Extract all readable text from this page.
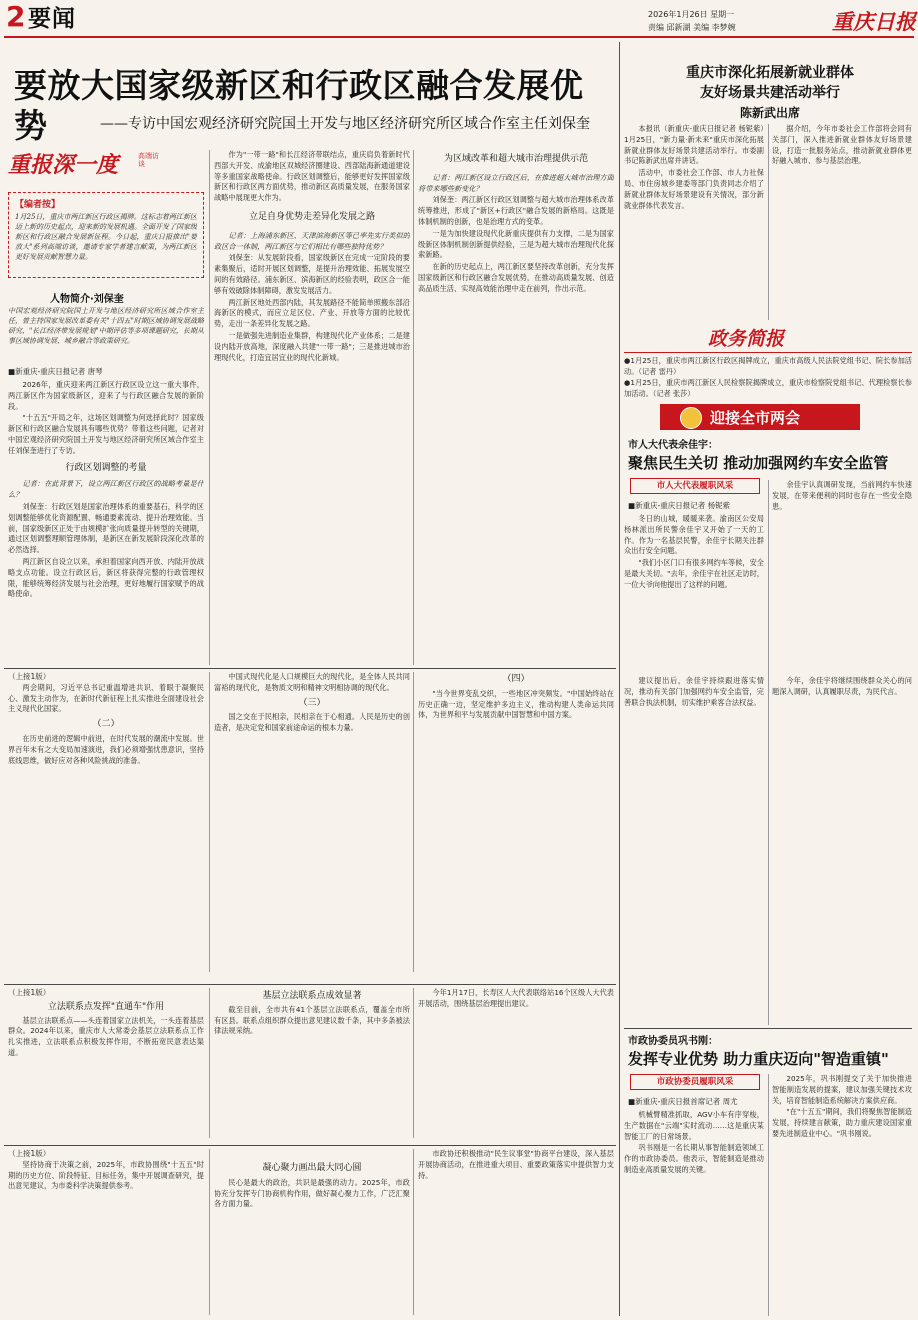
2 要闻	2026年1月26日 星期一
责编 邱新湖 美编 李梦婉	重庆日报
要放大国家级新区和行政区融合发展优势	——专访中国宏观经济研究院国土开发与地区经济研究所区域合作室主任刘保奎
重报深一度	高端访谈
【编者按】
1月25日，重庆市两江新区行政区揭牌。这标志着两江新区迈上新的历史起点，迎来新的发展机遇。全面开发了国家级新区和行政区融合发展新征程。今日起，重庆日报推出"要放大"系列高端访谈，邀请专家学者建言献策，为两江新区更好发展贡献智慧力量。
人物简介·刘保奎
中国宏观经济研究院国土开发与地区经济研究所区域合作室主任，曾主持国家发展改革委有关"十四五"时期区域协调发展战略研究、"长江经济带发展规划"中期评估等多项课题研究，长期从事区域协调发展、城乡融合等政策研究。
■新重庆-重庆日报记者 唐琴

2026年，重庆迎来两江新区行政区设立这一重大事件，两江新区作为国家级新区，迎来了与行政区融合发展的新阶段。

"十五五"开局之年，这场区划调整为何选择此时？国家级新区和行政区融合发展具有哪些优势？带着这些问题，记者对中国宏观经济研究院国土开发与地区经济研究所区域合作室主任刘保奎进行了专访。

行政区划调整的考量

记者：在此背景下，设立两江新区行政区的战略考量是什么？

刘保奎：行政区划是国家治理体系的重要基石，科学的区划调整能够优化资源配置、畅通要素流动、提升治理效能。当前，国家级新区正处于由规模扩张向质量提升转型的关键期，通过区划调整理顺管理体制，是新区在新发展阶段深化改革的必然选择。

两江新区自设立以来，承担着国家向西开放、内陆开放战略支点功能。设立行政区后，新区将获得完整的行政管理权限，能够统筹经济发展与社会治理，更好地履行国家赋予的战略使命。

作为"一带一路"和长江经济带联结点，重庆肩负着新时代西部大开发、成渝地区双城经济圈建设、西部陆海新通道建设等多重国家战略使命。行政区划调整后，能够更好发挥国家级新区和行政区两方面优势，推动新区高质量发展，在服务国家战略中展现更大作为。

立足自身优势走差异化发展之路

记者：上海浦东新区、天津滨海新区等已率先实行类似的政区合一体制，两江新区与它们相比有哪些独特优势？

刘保奎：从发展阶段看，国家级新区在完成一定阶段的要素集聚后，适时开展区划调整，是提升治理效能、拓展发展空间的有效路径。浦东新区、滨海新区的经验表明，政区合一能够有效破除体制障碍，激发发展活力。

两江新区地处西部内陆，其发展路径不能简单照搬东部沿海新区的模式，而应立足区位、产业、开放等方面的比较优势，走出一条差异化发展之路。

一是做强先进制造业集群，构建现代化产业体系；二是建设内陆开放高地，深度融入共建"一带一路"；三是推进城市治理现代化，打造宜居宜业的现代化新城。

为区域改革和超大城市治理提供示范

记者：两江新区设立行政区后，在推进超大城市治理方面将带来哪些新变化？

刘保奎：两江新区行政区划调整与超大城市治理体系改革统筹推进，形成了"新区+行政区"融合发展的新格局。这既是体制机制的创新，也是治理方式的变革。

一是为加快建设现代化新重庆提供有力支撑，二是为国家级新区体制机制创新提供经验，三是为超大城市治理现代化探索新路。

在新的历史起点上，两江新区要坚持改革创新，充分发挥国家级新区和行政区融合发展优势，在推动高质量发展、创造高品质生活、实现高效能治理中走在前列，作出示范。

（上接1版）

两会期间，习近平总书记重温增进共识、着眼于凝聚民心、激发主动作为，在新时代新征程上扎实推进全面建设社会主义现代化国家。

（二）

在历史前进的逻辑中前进，在时代发展的潮流中发展。世界百年未有之大变局加速演进，我们必须增强忧患意识，坚持底线思维，做好应对各种风险挑战的准备。

中国式现代化是人口规模巨大的现代化，是全体人民共同富裕的现代化，是物质文明和精神文明相协调的现代化。

（三）

国之交在于民相亲，民相亲在于心相通。人民是历史的创造者，是决定党和国家前途命运的根本力量。

（四）

"当今世界变乱交织，一些地区冲突频发。"中国始终站在历史正确一边，坚定维护多边主义，推动构建人类命运共同体，为世界和平与发展贡献中国智慧和中国方案。

（上接1版）
立法联系点发挥"直通车"作用

基层立法联系点——头连着国家立法机关，一头连着基层群众。2024年以来，重庆市人大常委会基层立法联系点工作扎实推进，立法联系点积极发挥作用，不断拓宽民意表达渠道。

基层立法联系点成效显著

截至目前，全市共有41个基层立法联系点，覆盖全市所有区县。联系点组织群众提出意见建议数千条，其中多条被法律法规采纳。

今年1月17日，长寿区人大代表联络站16个区级人大代表开展活动，围绕基层治理提出建议。

（上接1版）

坚持协商于决策之前，2025年，市政协围绕"十五五"时期的历史方位、阶段特征、目标任务，集中开展调查研究，提出意见建议，为市委科学决策提供参考。

凝心聚力画出最大同心圆

民心是最大的政治，共识是最强的动力。2025年，市政协充分发挥专门协商机构作用，做好凝心聚力工作，广泛汇聚各方面力量。

市政协还积极推动"民生议事堂"协商平台建设，深入基层开展协商活动，在推进重大项目、重要政策落实中提供智力支持。

重庆市深化拓展新就业群体
友好场景共建活动举行
陈新武出席

本报讯（新重庆-重庆日报记者 杨铌紫）1月25日，"新力量·新未来"重庆市深化拓展新就业群体友好场景共建活动举行。市委副书记陈新武出席并讲话。

活动中，市委社会工作部、市人力社保局、市住房城乡建委等部门负责同志介绍了新就业群体友好场景建设有关情况，部分新就业群体代表发言。

据介绍，今年市委社会工作部将会同有关部门，深入推进新就业群体友好场景建设，打造一批服务站点，推动新就业群体更好融入城市、参与基层治理。

政务简报
●1月25日，重庆市两江新区行政区揭牌成立，重庆市高级人民法院党组书记、院长参加活动。（记者 雷丹）
●1月25日，重庆市两江新区人民检察院揭牌成立，重庆市检察院党组书记、代理检察长参加活动。（记者 张莎）
迎接全市两会
市人大代表余佳宇：
聚焦民生关切 推动加强网约车安全监管
市人大代表履职风采
■新重庆-重庆日报记者 杨铌紫

冬日的山城，暖暖来袭。渝南区公安局杨林派出所民警余佳宇又开始了一天的工作。作为一名基层民警，余佳宇长期关注群众出行安全问题。

"我们小区门口有很多网约车等候，安全是最大关切。"去年，余佳宇在社区走访时，一位大爷向他提出了这样的问题。

余佳宇认真调研发现，当前网约车快速发展，在带来便利的同时也存在一些安全隐患。

建议提出后，余佳宇持续跟进落实情况，推动有关部门加强网约车安全监管，完善联合执法机制，切实维护乘客合法权益。

今年，余佳宇将继续围绕群众关心的问题深入调研，认真履职尽责，为民代言。

市政协委员巩书刚：
发挥专业优势 助力重庆迈向"智造重镇"
市政协委员履职风采
■新重庆-重庆日报首席记者 周尤

机械臂精准抓取，AGV小车有序穿梭，生产数据在"云端"实时流动……这是重庆某智能工厂的日常场景。

巩书刚是一名长期从事智能制造领域工作的市政协委员。他表示，智能制造是推动制造业高质量发展的关键。

2025年，巩书刚提交了关于加快推进智能制造发展的提案，建议加强关键技术攻关，培育智能制造系统解决方案供应商。

"在"十五五"期间，我们将聚焦智能制造发展，持续建言献策，助力重庆建设国家重要先进制造业中心。"巩书刚说。
